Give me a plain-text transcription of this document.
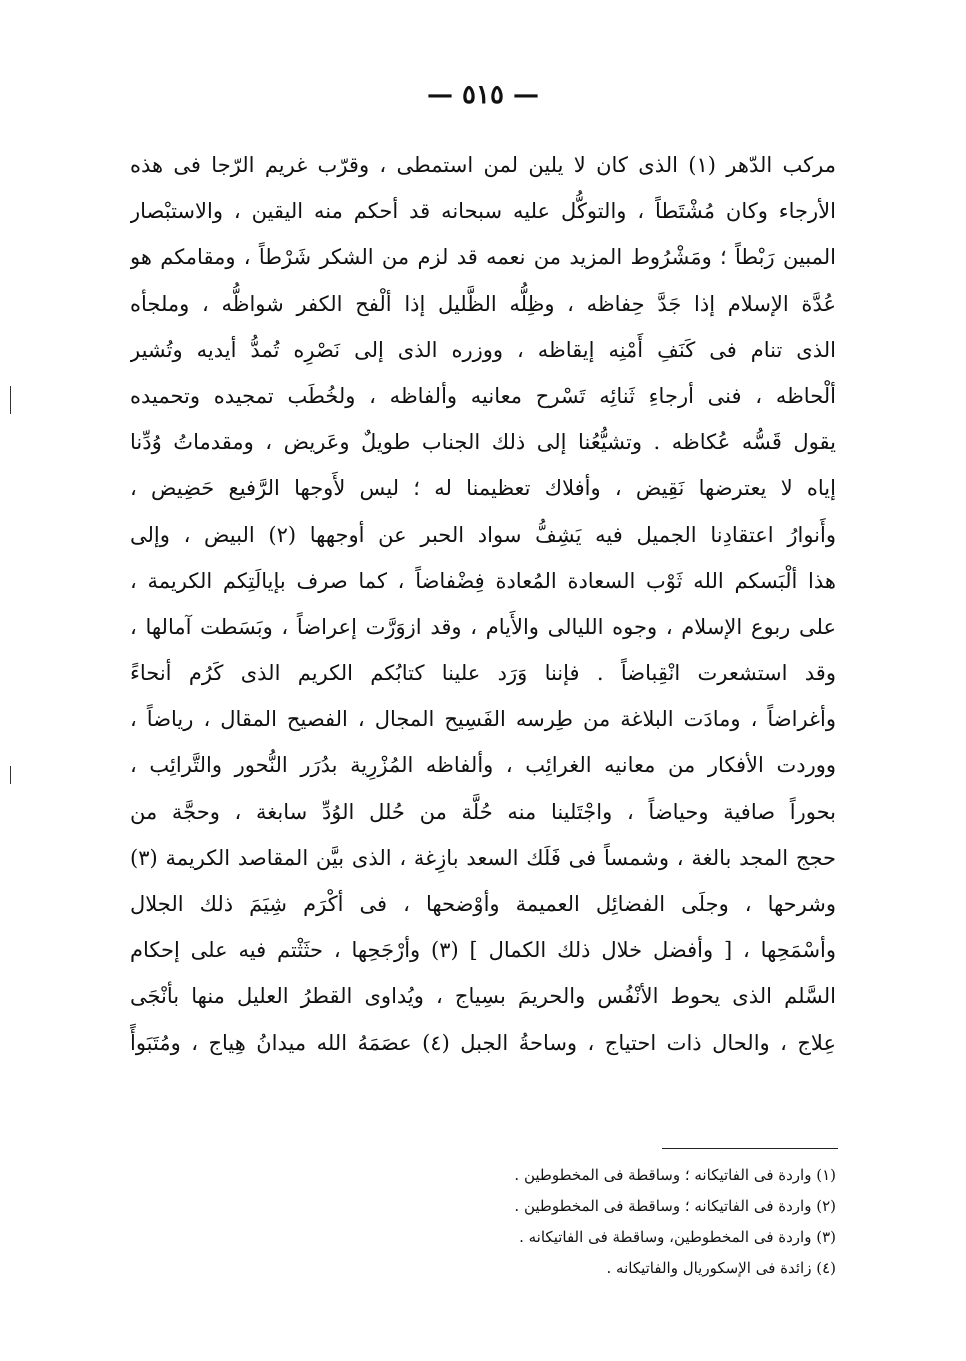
— ٥١٥ —
مركب الدّهر (١) الذى كان لا يلين لمن استمطى ، وقرّب غريم الرّجا فى هذه
الأرجاء وكان مُشْتَطاً ، والتوكُّل عليه سبحانه قد أحكم منه اليقين ، والاستبْصار
المبين رَبْطاً ؛ ومَشْرُوط المزيد من نعمه قد لزم من الشكر شَرْطاً ، ومقامكم هو
عُدَّة الإسلام إذا جَدَّ حِفاظه ، وظِلُّه الظَّليل إذا ألْفح الكفر شواظُّه ، وملجأه
الذى تنام فى كَنَفِ أَمْنِه إيقاظه ، ووزره الذى إلى نَصْرِه تُمدُّ أيديه وتُشير
ألْحاظه ، فنى أرجاءِ ثَنائِه تَسْرح معانيه وألفاظه ، ولخُطَب تمجيده وتحميده
يقول قَسُّه عُكاظه . وتشيُّعُنا إلى ذلك الجناب طويلٌ وعَريض ، ومقدماتُ وُدِّنا
إياه لا يعترضها نَقِيض ، وأفلاك تعظيمنا له ؛ ليس لأَوجها الرَّفيع حَضِيض ،
وأَنوارُ اعتقادِنا الجميل فيه يَشِفُّ سواد الحبر عن أوجهها (٢) البيض ، وإلى
هذا ألْبَسكم الله ثَوْب السعادة المُعادة فِضْفاضاً ، كما صرف بإيالَتِكم الكريمة ،
على ربوع الإسلام ، وجوه الليالى والأَيام ، وقد ازوَرَّت إعراضاً ، وبَسَطت آمالها ،
وقد استشعرت انْقِباضاً . فإننا وَرَد علينا كتابُكم الكريم الذى كَرُم أنحاءً
وأغراضاً ، ومادَت البلاغة من طِرسه الفَسِيح المجال ، الفصيح المقال ، رياضاً ،
ووردت الأفكار من معانيه الغرائِب ، وألفاظه المُزْرِية بدُرَر النُّحور والتَّرائِب ،
بحوراً صافية وحياضاً ، واجْتَلينا منه حُلَّة من حُلل الوُدِّ سابغة ، وحجَّة من
حجج المجد بالغة ، وشمساً فى فَلَك السعد بازِغة ، الذى بيَّن المقاصد الكريمة (٣)
وشرحها ، وجلَى الفضائِل العميمة وأوْضحها ، فى أكْرَم شِيَمَ ذلك الجلال
وأسْمَحِها ، [ وأفضل خلال ذلك الكمال ] (٣) وأرْجَحِها ، حثَثْتم فيه على إحكام
السَّلم الذى يحوط الأنْفُس والحريمَ بسِياج ، ويُداوى القطرُ العليل منها بأنْجَى
عِلاج ، والحال ذات احتياج ، وساحةُ الجبل (٤) عصَمَهُ الله ميدانُ هِياج ، ومُتَبَوأً
(١) واردة فى الفاتيكانه ؛ وساقطة فى المخطوطين .
(٢) واردة فى الفاتيكانه ؛ وساقطة فى المخطوطين .
(٣) واردة فى المخطوطين، وساقطة فى الفاتيكانه .
(٤) زائدة فى الإسكوريال والفاتيكانه .
